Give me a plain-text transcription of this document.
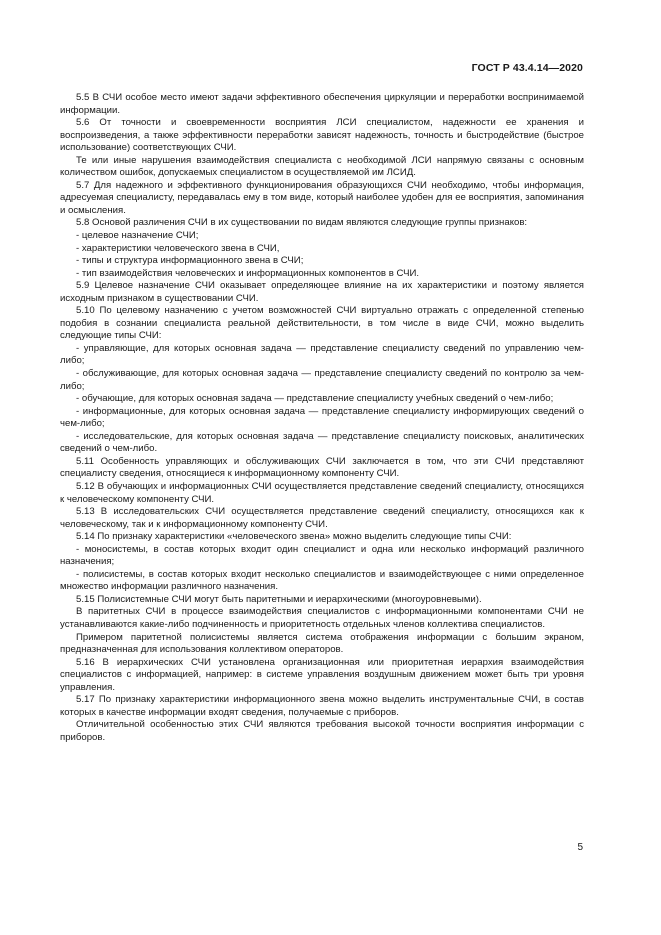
ГОСТ Р 43.4.14—2020

5.5 В СЧИ особое место имеют задачи эффективного обеспечения циркуляции и переработки воспринимаемой информации.

5.6 От точности и своевременности восприятия ЛСИ специалистом, надежности ее хранения и воспроизведения, а также эффективности переработки зависят надежность, точность и быстродействие (быстрое использование) соответствующих СЧИ.

Те или иные нарушения взаимодействия специалиста с необходимой ЛСИ напрямую связаны с основным количеством ошибок, допускаемых специалистом в осуществляемой им ЛСИД.

5.7 Для надежного и эффективного функционирования образующихся СЧИ необходимо, чтобы информация, адресуемая специалисту, передавалась ему в том виде, который наиболее удобен для ее восприятия, запоминания и осмысления.

5.8 Основой различения СЧИ в их существовании по видам являются следующие группы признаков:

- целевое назначение СЧИ;

- характеристики человеческого звена в СЧИ,

- типы и структура информационного звена в СЧИ;

- тип взаимодействия человеческих и информационных компонентов в СЧИ.

5.9 Целевое назначение СЧИ оказывает определяющее влияние на их характеристики и поэтому является исходным признаком в существовании СЧИ.

5.10 По целевому назначению с учетом возможностей СЧИ виртуально отражать с определенной степенью подобия в сознании специалиста реальной действительности, в том числе в виде СЧИ, можно выделить следующие типы СЧИ:

- управляющие, для которых основная задача — представление специалисту сведений по управлению чем-либо;

- обслуживающие, для которых основная задача — представление специалисту сведений по контролю за чем-либо;

- обучающие, для которых основная задача — представление специалисту учебных сведений о чем-либо;

- информационные, для которых основная задача — представление специалисту информирующих сведений о чем-либо;

- исследовательские, для которых основная задача — представление специалисту поисковых, аналитических сведений о чем-либо.

5.11 Особенность управляющих и обслуживающих СЧИ заключается в том, что эти СЧИ представляют специалисту сведения, относящиеся к информационному компоненту СЧИ.

5.12 В обучающих и информационных СЧИ осуществляется представление сведений специалисту, относящихся к человеческому компоненту СЧИ.

5.13 В исследовательских СЧИ осуществляется представление сведений специалисту, относящихся как к человеческому, так и к информационному компоненту СЧИ.

5.14 По признаку характеристики «человеческого звена» можно выделить следующие типы СЧИ:

- моносистемы, в состав которых входит один специалист и одна или несколько информаций различного назначения;

- полисистемы, в состав которых входит несколько специалистов и взаимодействующее с ними определенное множество информации различного назначения.

5.15 Полисистемные СЧИ могут быть паритетными и иерархическими (многоуровневыми).

В паритетных СЧИ в процессе взаимодействия специалистов с информационными компонентами СЧИ не устанавливаются какие-либо подчиненность и приоритетность отдельных членов коллектива специалистов.

Примером паритетной полисистемы является система отображения информации с большим экраном, предназначенная для использования коллективом операторов.

5.16 В иерархических СЧИ установлена организационная или приоритетная иерархия взаимодействия специалистов с информацией, например: в системе управления воздушным движением может быть три уровня управления.

5.17 По признаку характеристики информационного звена можно выделить инструментальные СЧИ, в состав которых в качестве информации входят сведения, получаемые с приборов.

Отличительной особенностью этих СЧИ являются требования высокой точности восприятия информации с приборов.

5
